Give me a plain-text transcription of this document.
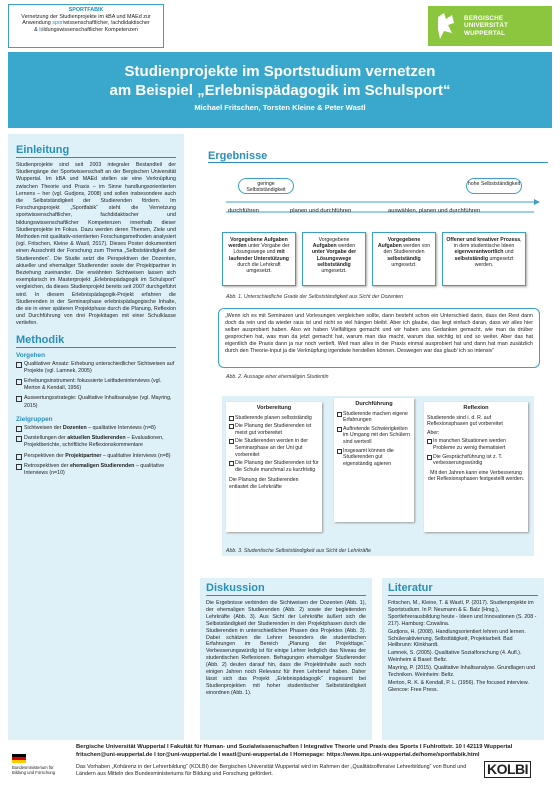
SPORTFABIK
Vernetzung der Studienprojekte im kBA und MAEd zur
Anwendung sportwissenschaftlicher, fachdidaktischer
& bildungswissenschaftlicher Kompetenzen
BERGISCHE
UNIVERSITÄT
WUPPERTAL
Studienprojekte im Sportstudium vernetzen
am Beispiel „Erlebnispädagogik im Schulsport“
Michael Fritschen, Torsten Kleine & Peter Wastl
Einleitung
Studienprojekte sind seit 2003 integraler Bestandteil der Studiengänge der Sportwissenschaft an der Bergischen Universität Wuppertal. Im kBA und MAEd stellen sie eine Verknüpfung zwischen Theorie und Praxis – im Sinne handlungsorientierten Lernens – her (vgl. Gudjons, 2008) und sollen insbesondere auch die Selbstständigkeit der Studierenden fördern. Im Forschungsprojekt „Sportfabik“ steht die Vernetzung sportwissenschaftlicher, fachdidaktischer und bildungswissenschaftlicher Kompetenzen innerhalb dieser Studienprojekte im Fokus. Dazu werden deren Themen, Ziele und Methoden mit qualitativ-orientierten Forschungsmethoden analysiert (vgl. Fritschen, Kleine & Wastl, 2017). Dieses Poster dokumentiert einen Ausschnitt der Forschung zum Thema „Selbstständigkeit der Studierenden“. Die Studie setzt die Perspektiven der Dozenten, aktueller und ehemaliger Studierender sowie der Projektpartner in Beziehung zueinander. Die erwähnten Sichtweisen lassen sich exemplarisch im Masterprojekt „Erlebnispädagogik im Schulsport“ vergleichen, da dieses Studienprojekt bereits seit 2007 durchgeführt wird. In diesem Erlebnispädagogik-Projekt erfahren die Studierenden in der Seminarphase erlebnispädagogische Inhalte, die sie in einer späteren Projektphase durch die Planung, Reflexion und Durchführung von drei Projekttagen mit einer Schulklasse vertiefen.
Methodik
Vorgehen
Qualitativer Ansatz: Erhebung unterschiedlicher Sichtweisen auf Projekte (vgl. Lamnek, 2005)
Erhebungsinstrument: fokussierte Leitfadeninterviews (vgl. Merton & Kendall, 1956)
Auswertungsstrategie: Qualitative Inhaltsanalyse (vgl. Mayring, 2015)
Zielgruppen
Sichtweisen der Dozenten – qualitative Interviews (n=8)
Darstellungen der aktuellen Studierenden – Evaluationen, Projektberichte, schriftliche Reflexionskommentare
Perspektiven der Projektpartner – qualitative Interviews (n=8)
Retrospektiven der ehemaligen Studierenden – qualitative Interviews (n=10)
Ergebnisse
geringe Selbstständigkeit
hohe Selbstständigkeit
durchführen	planen und durchführen	auswählen, planen und durchführen
Vorgegebene Aufgaben werden unter Vorgabe der Lösungswege und mit laufender Unterstützung durch die Lehrkraft umgesetzt.
Vorgegebene Aufgaben werden unter Vorgabe der Lösungswege selbstständig umgesetzt.
Vorgegebene Aufgaben werden von den Studierenden selbstständig umgesetzt.
Offener und kreativer Prozess, in dem studentische Ideen eigenverantwortlich und selbstständig umgesetzt werden.
Abb. 1. Unterschiedliche Grade der Selbstständigkeit aus Sicht der Dozenten
„Wenn ich es mit Seminaren und Vorlesungen vergleichen sollte, dann besteht schon ein Unterschied darin, dass der Rest dann doch da rein und da wieder raus ist und nicht so viel hängen bleibt. Aber ich glaube, das liegt einfach daran, dass wir alles hier selber ausprobiert haben. Also wir haben Vielfältiges gemacht und wir haben uns Gedanken gemacht, wie man da drüber gesprochen hat, was man da jetzt gemacht hat, warum man das macht, warum das wichtig ist und so weiter. Aber das hat eigentlich die Praxis dann ja nur noch vertieft. Weil man alles in der Praxis einmal ausprobiert hat und dann hat man zusätzlich durch den Theorie-Input ja die Verknüpfung irgendwie herstellen können. Deswegen war das glaub’ ich so intensiv“
Abb. 2. Aussage einer ehemaligen Studentin
Vorbereitung
Studierende planen selbstständig
Die Planung der Studierenden ist meist gut vorbereitet
Die Studierenden werden in der Seminarphase an der Uni gut vorbereitet
Die Planung der Studierenden ist für die Schule manchmal zu kurzfristig
Die Planung der Studierenden entlastet die Lehrkräfte
Durchführung
Studierende machen eigene Erfahrungen
Auftretende Schwierigkeiten im Umgang mit den Schülern sind wertvoll
Insgesamt können die Studierenden gut eigenständig agieren
Reflexion
Studierende sind i. d. R. auf Reflexionsphasen gut vorbereitet
Aber:
In manchen Situationen werden Probleme zu wenig thematisiert
Die Gesprächsführung ist z. T. verbesserungswürdig
Mit den Jahren kann eine Verbesserung der Reflexionsphasen festgestellt werden.
Abb. 3. Studentische Selbstständigkeit aus Sicht der Lehrkräfte
Diskussion
Die Ergebnisse verbinden die Sichtweisen der Dozenten (Abb. 1), der ehemaligen Studierenden (Abb. 2) sowie der begleitenden Lehrkräfte (Abb. 3). Aus Sicht der Lehrkräfte äußert sich die Selbstständigkeit der Studierenden in den Projektphasen durch die Studierenden in unterschiedlichen Phasen des Projektes (Abb. 3). Dabei schätzen die Lehrer besonders die studentischen Erfahrungen im Bereich „Planung der Projekttage.“ Verbesserungswürdig ist für einige Lehrer lediglich das Niveau der studentischen Reflexionen. Befragungen ehemaliger Studierender (Abb. 2) deuten darauf hin, dass die Projektinhalte auch noch einigen Jahren noch Relevanz für ihren Lehrberuf haben. Daher lässt sich das Projekt „Erlebnispädagogik“ insgesamt bei Studienprojekten mit hoher studentischer Selbstständigkeit einordnen (Abb. 1).
Literatur
Fritschen, M., Kleine, T. & Wastl, P. (2017). Studienprojekte im Sportstudium. In P. Neumann & E. Balz (Hrsg.), Sportlehrerausbildung heute - Ideen und Innovationen (S. 208 - 217). Hamburg: Czwalina.
Gudjons, H. (2008). Handlungsorientiert lehren und lernen. Schüleraktivierung, Selbsttätigkeit, Projektarbeit. Bad Heilbrunn: Klinkhardt.
Lamnek, S. (2005). Qualitative Sozialforschung (4. Aufl.). Weinheim & Basel: Beltz.
Mayring, P. (2015). Qualitative Inhaltsanalyse. Grundlagen und Techniken. Weinheim: Beltz.
Merton, R. K. & Kendall, P. L. (1956). The focused interview. Glencoe: Free Press.
Bundesministerium für Bildung und Forschung
Bergische Universität Wuppertal I Fakultät für Human- und Sozialwissenschaften I Integrative Theorie und Praxis des Sports I Fuhlrottstr. 10 I 42119 Wuppertal
fritschen@uni-wuppertal.de I tor@uni-wuppertal.de I wastl@uni-wuppertal.de I Homepage: https://www.itps.uni-wuppertal.de/home/sportfabik.html
Das Vorhaben „Kohärenz in der Lehrerbildung“ (KOLBI) der Bergischen Universität Wuppertal wird im Rahmen der „Qualitätsoffensive Lehrerbildung“ von Bund und Ländern aus Mitteln des Bundesministeriums für Bildung und Forschung gefördert.	KOLBI
